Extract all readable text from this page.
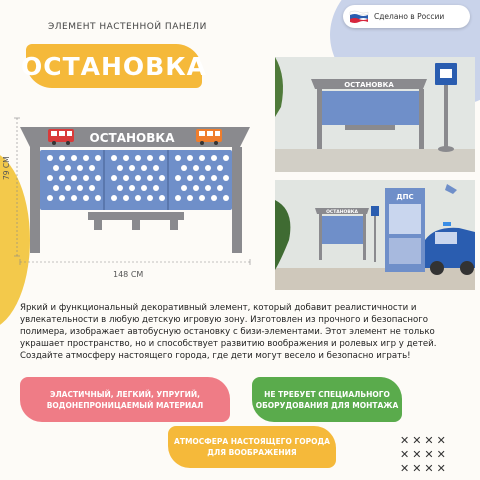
ЭЛЕМЕНТ НАСТЕННОЙ ПАНЕЛИ
ОСТАНОВКА
Сделано в России
ОСТАНОВКА
79 СМ
148 СМ
ОСТАНОВКА
ОСТАНОВКА
ДПС
Яркий и функциональный декоративный элемент, который добавит реалистичности и увлекательности в любую детскую игровую зону. Изготовлен из прочного и безопасного полимера, изображает автобусную остановку с бизи-элементами. Этот элемент не только украшает пространство, но и способствует развитию воображения и ролевых игр у детей. Создайте атмосферу настоящего города, где дети могут весело и безопасно играть!
ЭЛАСТИЧНЫЙ, ЛЕГКИЙ, УПРУГИЙ,
ВОДОНЕПРОНИЦАЕМЫЙ МАТЕРИАЛ
НЕ ТРЕБУЕТ СПЕЦИАЛЬНОГО
ОБОРУДОВАНИЯ ДЛЯ МОНТАЖА
АТМОСФЕРА НАСТОЯЩЕГО ГОРОДА
ДЛЯ ВООБРАЖЕНИЯ
✕✕✕✕
✕✕✕✕
✕✕✕✕
